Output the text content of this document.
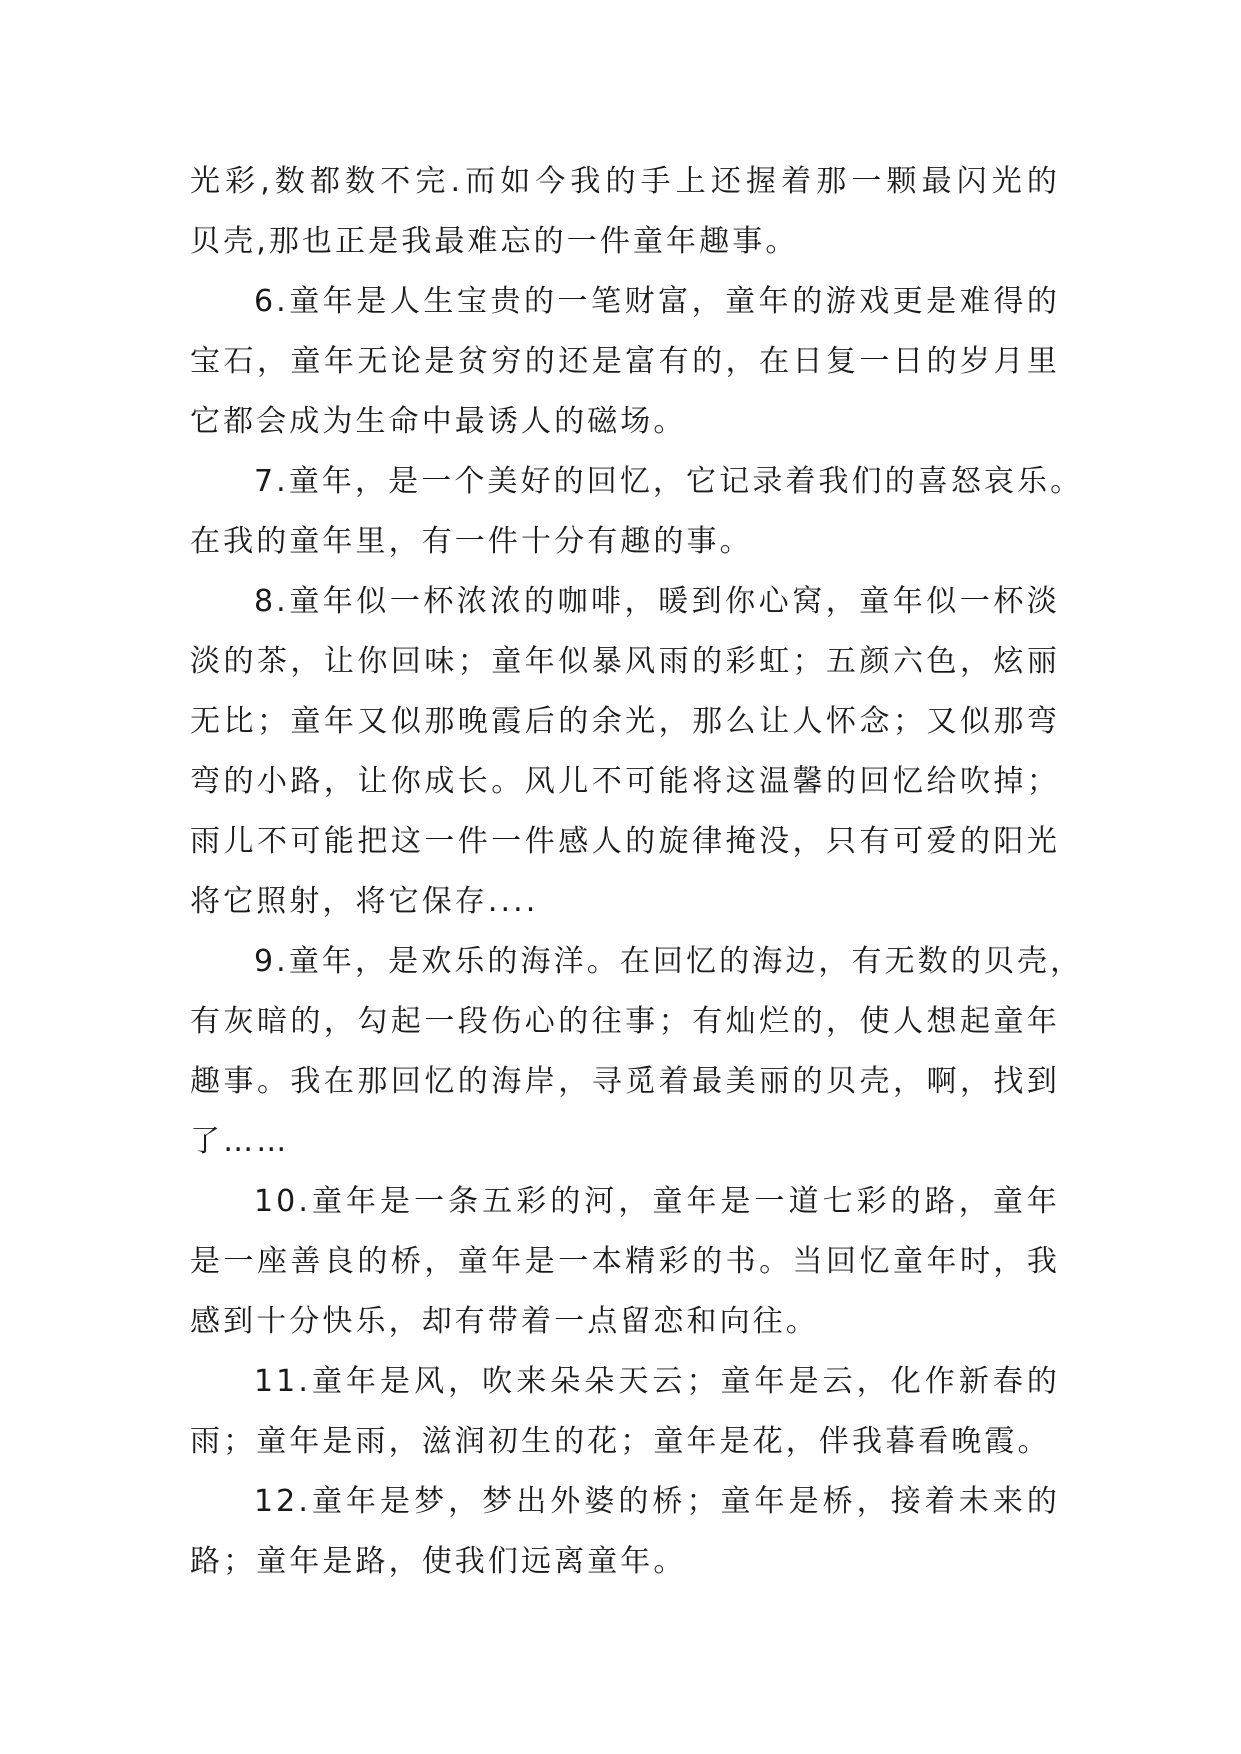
光彩,数都数不完.而如今我的手上还握着那一颗最闪光的
贝壳,那也正是我最难忘的一件童年趣事。
6.童年是人生宝贵的一笔财富，童年的游戏更是难得的
宝石，童年无论是贫穷的还是富有的，在日复一日的岁月里
它都会成为生命中最诱人的磁场。
7.童年，是一个美好的回忆，它记录着我们的喜怒哀乐。
在我的童年里，有一件十分有趣的事。
8.童年似一杯浓浓的咖啡，暖到你心窝，童年似一杯淡
淡的茶，让你回味；童年似暴风雨的彩虹；五颜六色，炫丽
无比；童年又似那晚霞后的余光，那么让人怀念；又似那弯
弯的小路，让你成长。风儿不可能将这温馨的回忆给吹掉；
雨儿不可能把这一件一件感人的旋律掩没，只有可爱的阳光
将它照射，将它保存....
9.童年，是欢乐的海洋。在回忆的海边，有无数的贝壳，
有灰暗的，勾起一段伤心的往事；有灿烂的，使人想起童年
趣事。我在那回忆的海岸，寻觅着最美丽的贝壳，啊，找到
了……
10.童年是一条五彩的河，童年是一道七彩的路，童年
是一座善良的桥，童年是一本精彩的书。当回忆童年时，我
感到十分快乐，却有带着一点留恋和向往。
11.童年是风，吹来朵朵天云；童年是云，化作新春的
雨；童年是雨，滋润初生的花；童年是花，伴我暮看晚霞。
12.童年是梦，梦出外婆的桥；童年是桥，接着未来的
路；童年是路，使我们远离童年。
